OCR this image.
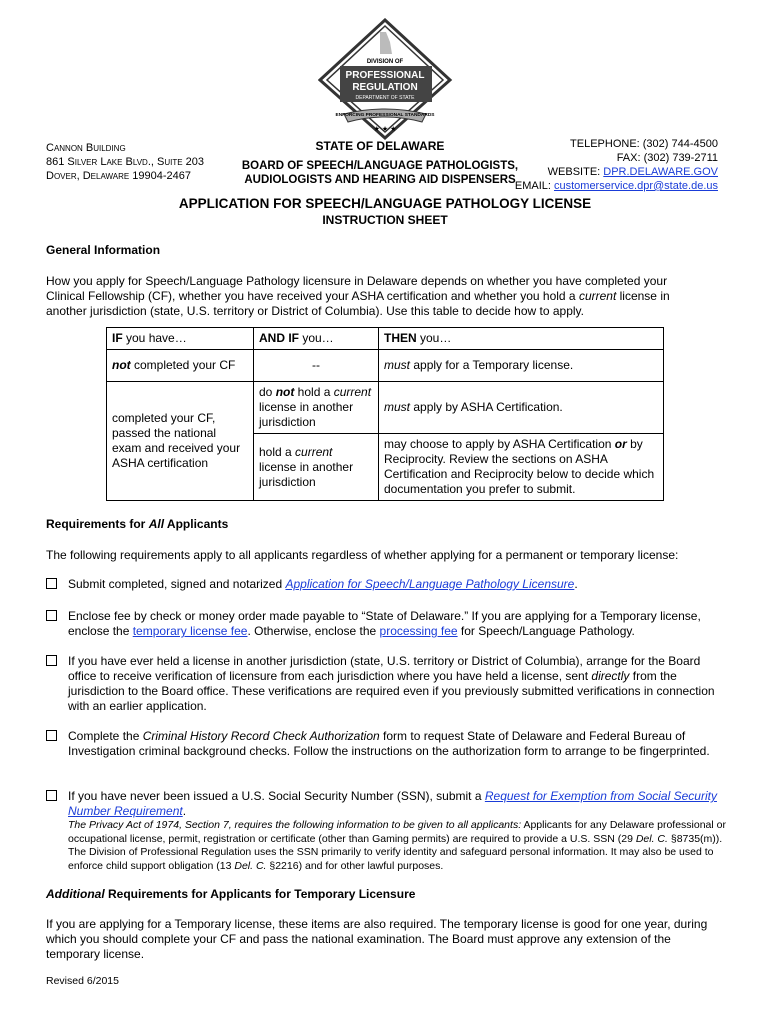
DIVISION OF
PROFESSIONAL
REGULATION
DEPARTMENT OF STATE
ENFORCING PROFESSIONAL STANDARDS
★ ★ ★
Cannon Building
861 Silver Lake Blvd., Suite 203
Dover, Delaware 19904-2467
STATE OF DELAWARE
BOARD OF SPEECH/LANGUAGE PATHOLOGISTS,
AUDIOLOGISTS AND HEARING AID DISPENSERS
TELEPHONE: (302) 744-4500
FAX: (302) 739-2711
WEBSITE: DPR.DELAWARE.GOV
EMAIL: customerservice.dpr@state.de.us
APPLICATION FOR SPEECH/LANGUAGE PATHOLOGY LICENSE
INSTRUCTION SHEET
General Information
How you apply for Speech/Language Pathology licensure in Delaware depends on whether you have completed your
Clinical Fellowship (CF), whether you have received your ASHA certification and whether you hold a current license in
another jurisdiction (state, U.S. territory or District of Columbia). Use this table to decide how to apply.
IF you have…	AND IF you…	THEN you…
not completed your CF	--	must apply for a Temporary license.
completed your CF, passed the national exam and received your ASHA certification	do not hold a current license in another jurisdiction	must apply by ASHA Certification.
	hold a current license in another jurisdiction	may choose to apply by ASHA Certification or by Reciprocity. Review the sections on ASHA Certification and Reciprocity below to decide which documentation you prefer to submit.
Requirements for All Applicants
The following requirements apply to all applicants regardless of whether applying for a permanent or temporary license:
Submit completed, signed and notarized Application for Speech/Language Pathology Licensure.
Enclose fee by check or money order made payable to “State of Delaware.” If you are applying for a Temporary license, enclose the temporary license fee. Otherwise, enclose the processing fee for Speech/Language Pathology.
If you have ever held a license in another jurisdiction (state, U.S. territory or District of Columbia), arrange for the Board office to receive verification of licensure from each jurisdiction where you have held a license, sent directly from the jurisdiction to the Board office. These verifications are required even if you previously submitted verifications in connection with an earlier application.
Complete the Criminal History Record Check Authorization form to request State of Delaware and Federal Bureau of Investigation criminal background checks. Follow the instructions on the authorization form to arrange to be fingerprinted.
If you have never been issued a U.S. Social Security Number (SSN), submit a Request for Exemption from Social Security Number Requirement.
The Privacy Act of 1974, Section 7, requires the following information to be given to all applicants: Applicants for any Delaware professional or occupational license, permit, registration or certificate (other than Gaming permits) are required to provide a U.S. SSN (29 Del. C. §8735(m)). The Division of Professional Regulation uses the SSN primarily to verify identity and safeguard personal information. It may also be used to enforce child support obligation (13 Del. C. §2216) and for other lawful purposes.
Additional Requirements for Applicants for Temporary Licensure
If you are applying for a Temporary license, these items are also required. The temporary license is good for one year, during which you should complete your CF and pass the national examination. The Board must approve any extension of the temporary license.
Revised 6/2015
